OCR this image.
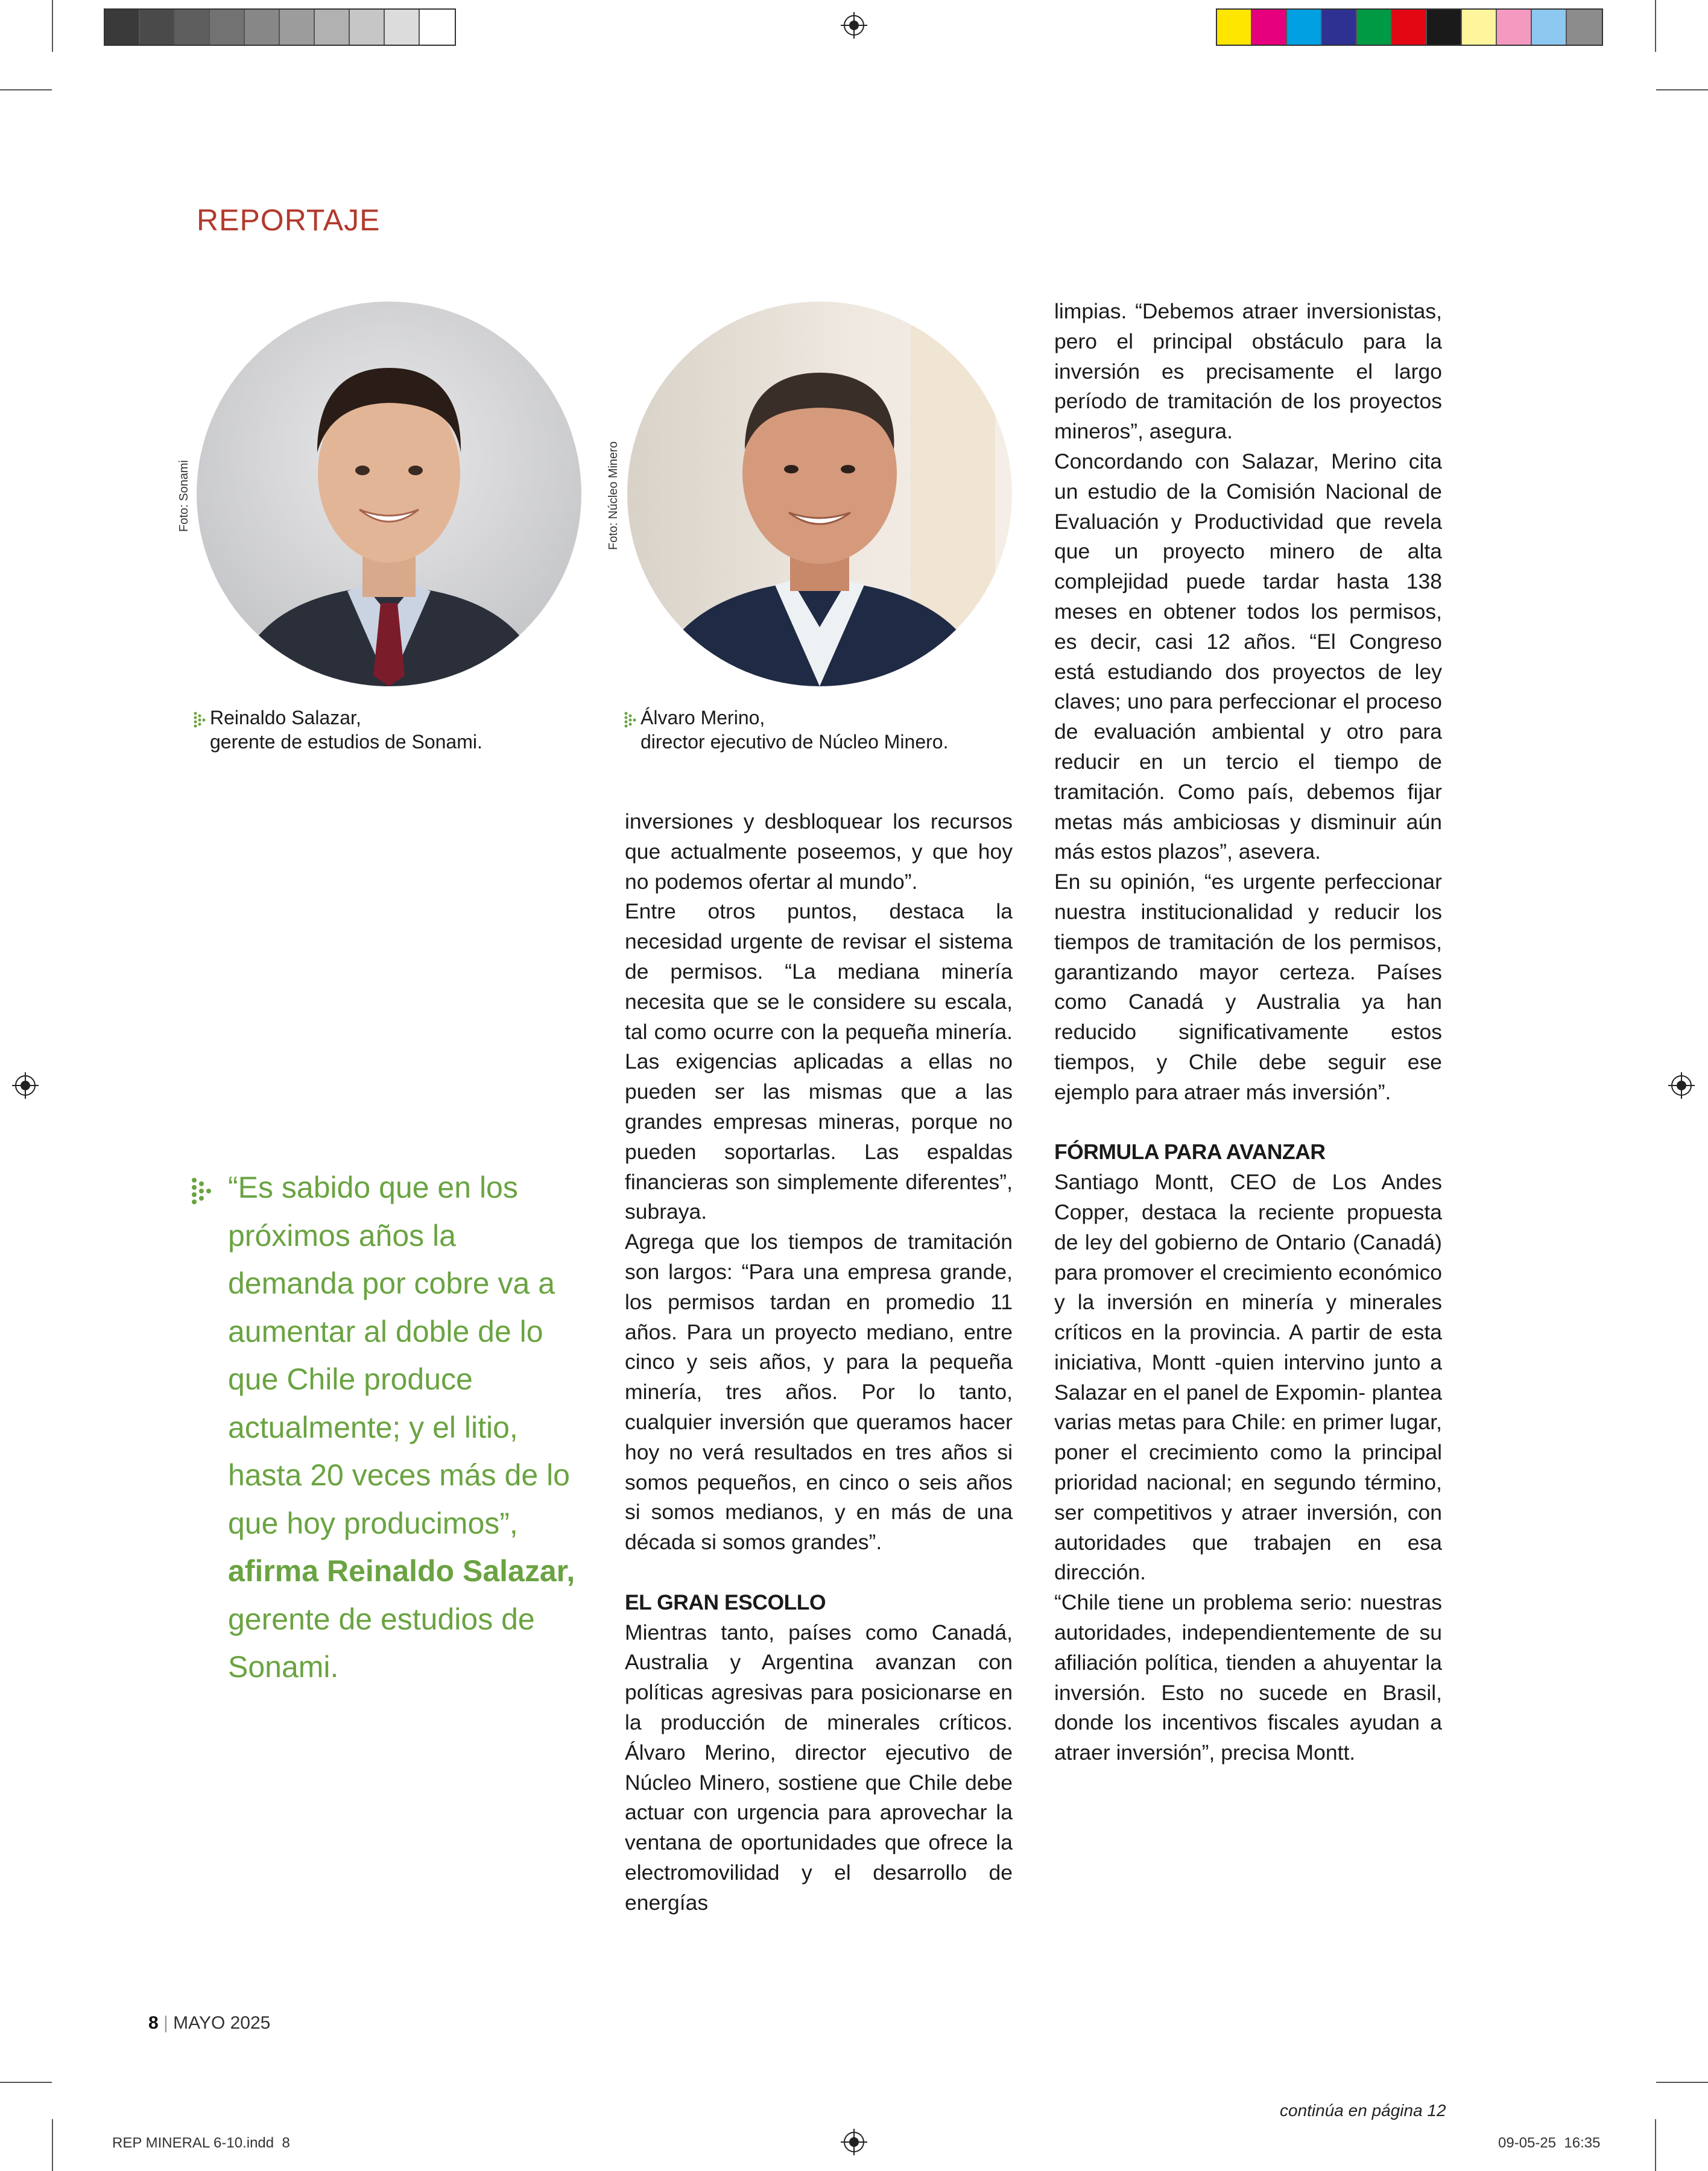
REPORTAJE
Foto: Sonami
Reinaldo Salazar,
gerente de estudios de Sonami.
Foto: Núcleo Minero
Álvaro Merino,
director ejecutivo de Núcleo Minero.
“Es sabido que en los próximos años la demanda por cobre va a aumentar al doble de lo que Chile produce actualmente; y el litio, hasta 20 veces más de lo que hoy producimos”, afirma Reinaldo Salazar, gerente de estudios de Sonami.

inversiones y desbloquear los recursos que actualmente poseemos, y que hoy no podemos ofertar al mundo”.

Entre otros puntos, destaca la necesidad urgente de revisar el sistema de permisos. “La mediana minería necesita que se le considere su escala, tal como ocurre con la pequeña minería. Las exigencias aplicadas a ellas no pueden ser las mismas que a las grandes empresas mineras, porque no pueden soportarlas. Las espaldas financieras son simplemente diferentes”, subraya.

Agrega que los tiempos de tramitación son largos: “Para una empresa grande, los permisos tardan en promedio 11 años. Para un proyecto mediano, entre cinco y seis años, y para la pequeña minería, tres años. Por lo tanto, cualquier inversión que queramos hacer hoy no verá resultados en tres años si somos pequeños, en cinco o seis años si somos medianos, y en más de una década si somos grandes”.

EL GRAN ESCOLLO

Mientras tanto, países como Canadá, Australia y Argentina avanzan con políticas agresivas para posicionarse en la producción de minerales críticos. Álvaro Merino, director ejecutivo de Núcleo Minero, sostiene que Chile debe actuar con urgencia para aprovechar la ventana de oportunidades que ofrece la electromovilidad y el desarrollo de energías

limpias. “Debemos atraer inversionistas, pero el principal obstáculo para la inversión es precisamente el largo período de tramitación de los proyectos mineros”, asegura.

Concordando con Salazar, Merino cita un estudio de la Comisión Nacional de Evaluación y Productividad que revela que un proyecto minero de alta complejidad puede tardar hasta 138 meses en obtener todos los permisos, es decir, casi 12 años. “El Congreso está estudiando dos proyectos de ley claves; uno para perfeccionar el proceso de evaluación ambiental y otro para reducir en un tercio el tiempo de tramitación. Como país, debemos fijar metas más ambiciosas y disminuir aún más estos plazos”, asevera.

En su opinión, “es urgente perfeccionar nuestra institucionalidad y reducir los tiempos de tramitación de los permisos, garantizando mayor certeza. Países como Canadá y Australia ya han reducido significativamente estos tiempos, y Chile debe seguir ese ejemplo para atraer más inversión”.

FÓRMULA PARA AVANZAR

Santiago Montt, CEO de Los Andes Copper, destaca la reciente propuesta de ley del gobierno de Ontario (Canadá) para promover el crecimiento económico y la inversión en minería y minerales críticos en la provincia. A partir de esta iniciativa, Montt -quien intervino junto a Salazar en el panel de Expomin- plantea varias metas para Chile: en primer lugar, poner el crecimiento como la principal prioridad nacional; en segundo término, ser competitivos y atraer inversión, con autoridades que trabajen en esa dirección.

“Chile tiene un problema serio: nuestras autoridades, independientemente de su afiliación política, tienden a ahuyentar la inversión. Esto no sucede en Brasil, donde los incentivos fiscales ayudan a atraer inversión”, precisa Montt.

8 | MAYO 2025
continúa en página 12
REP MINERAL 6-10.indd 8	09-05-25  16:35
